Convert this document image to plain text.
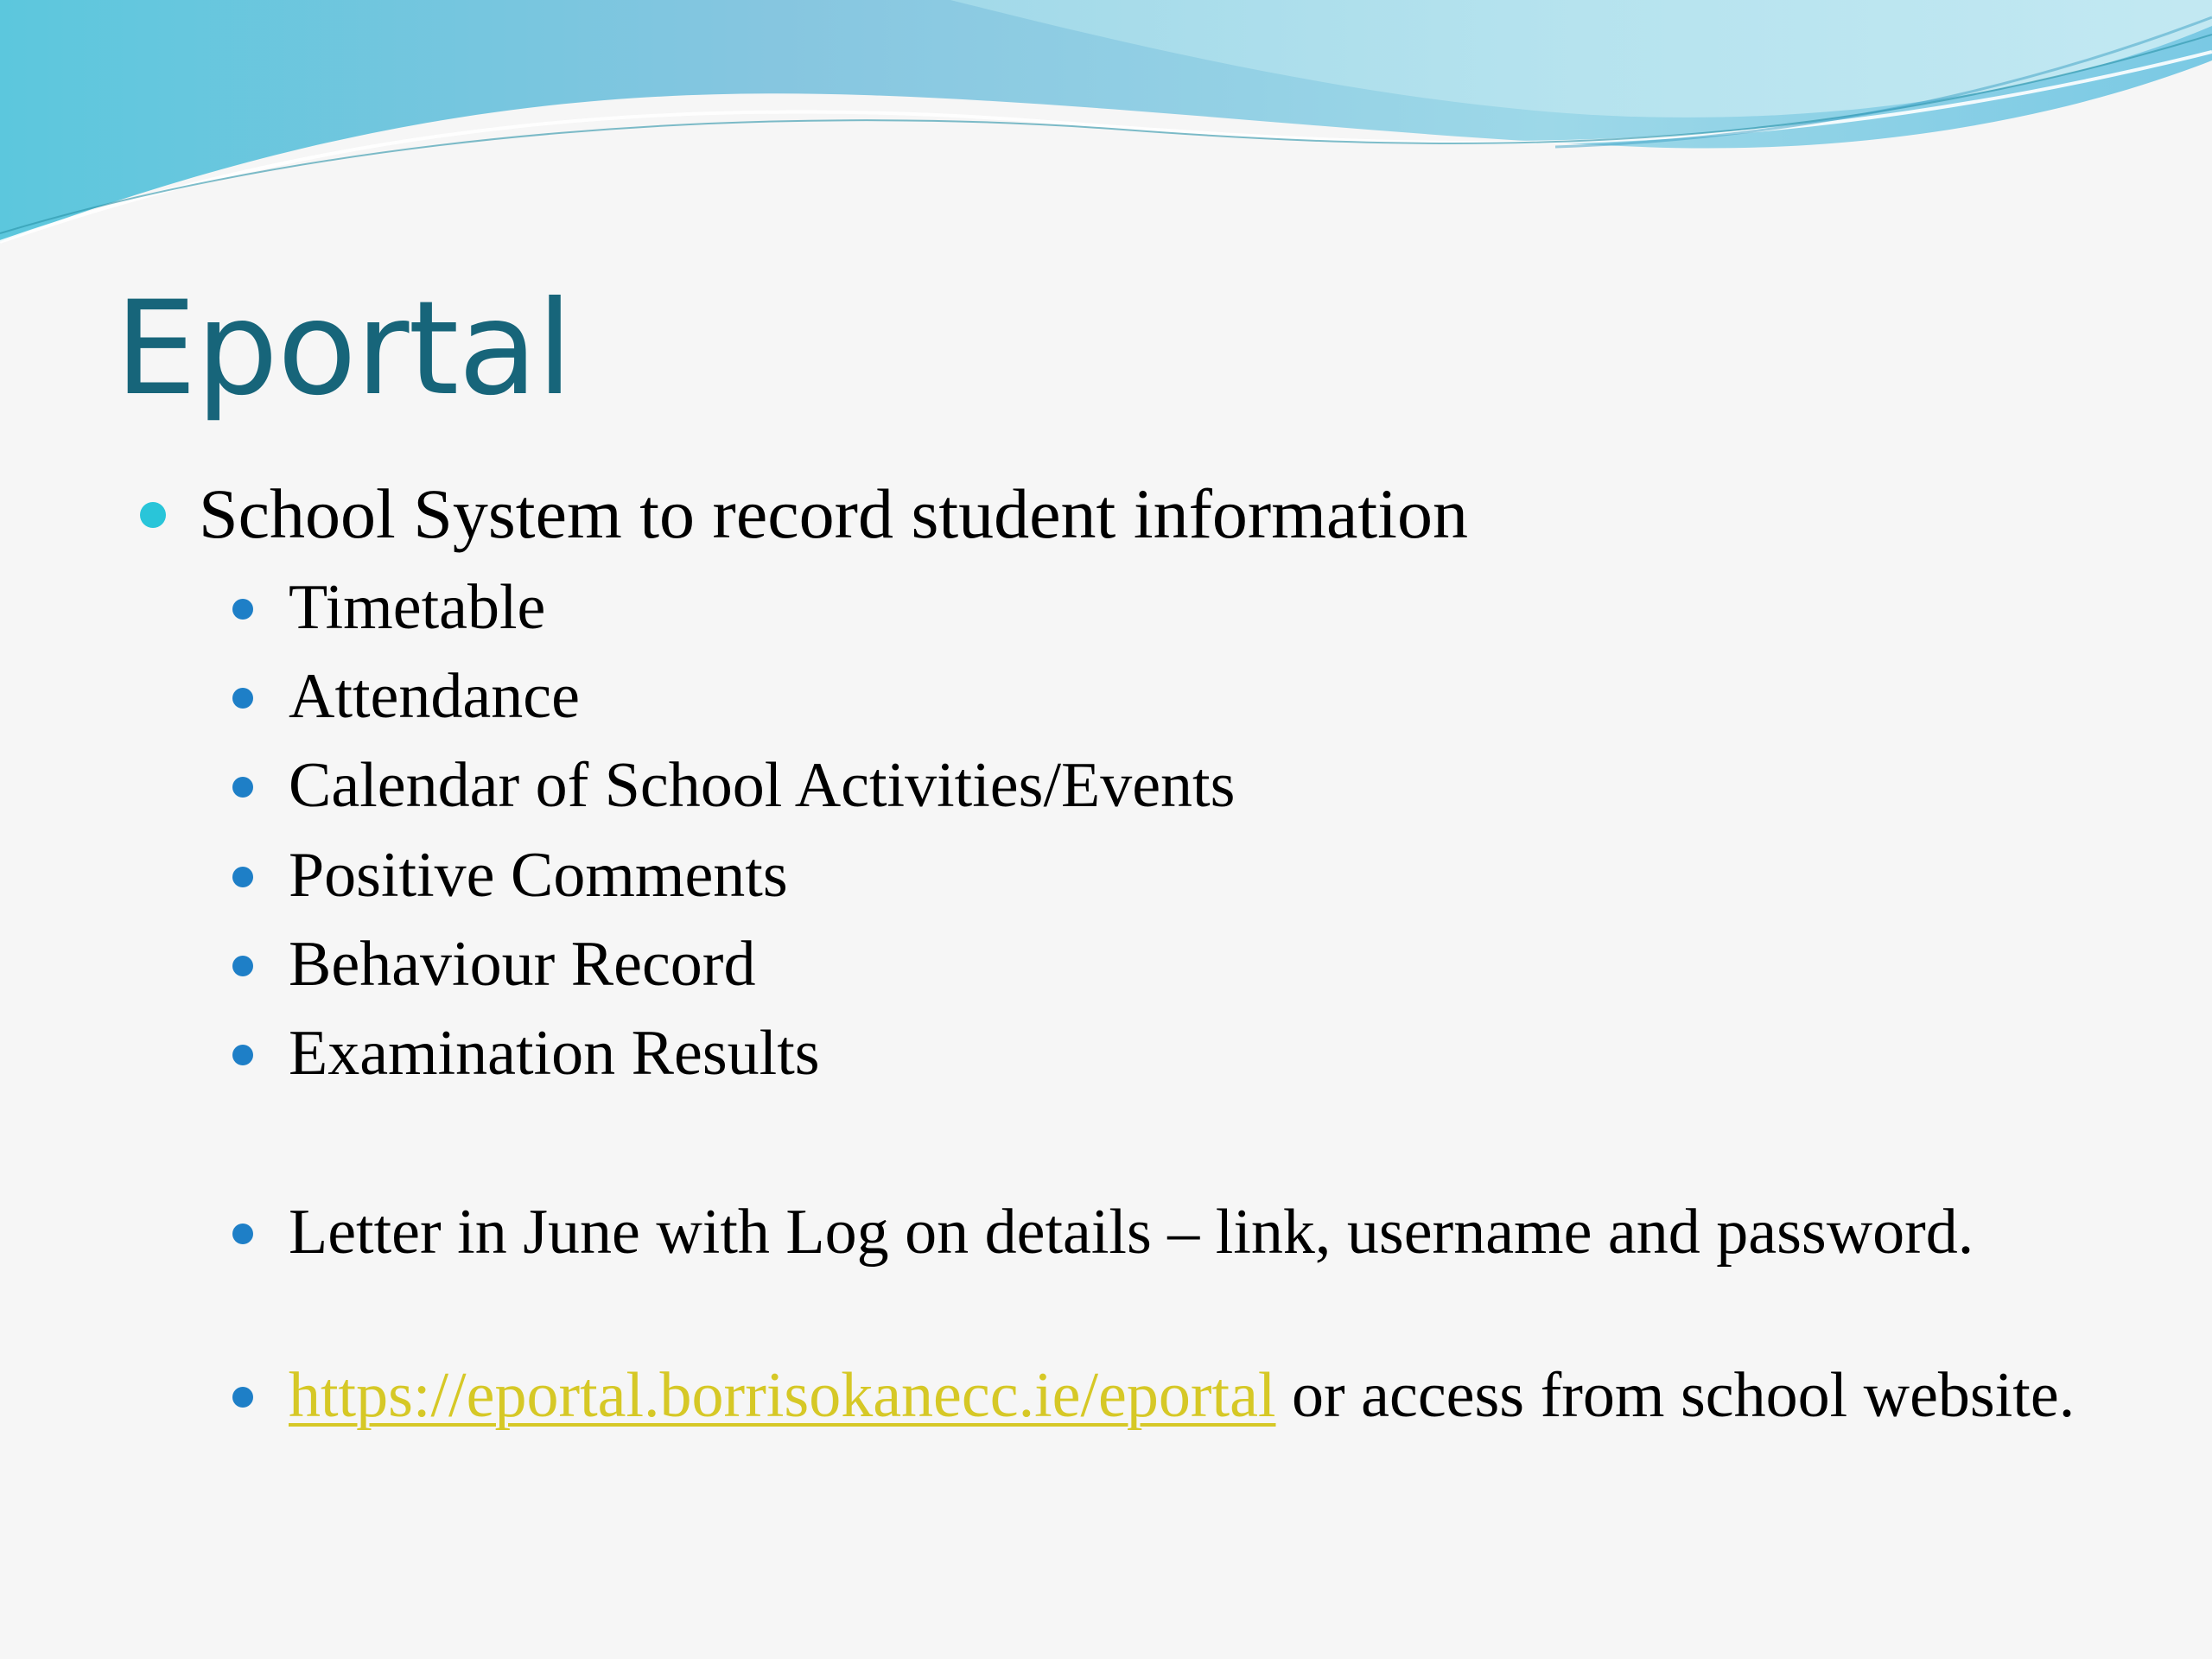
Eportal
School System to record student information
Timetable
Attendance
Calendar of School Activities/Events
Positive Comments
Behaviour Record
Examination Results
Letter in June with Log on details – link, username and password.
https://eportal.borrisokanecc.ie/eportal or access from school website.
